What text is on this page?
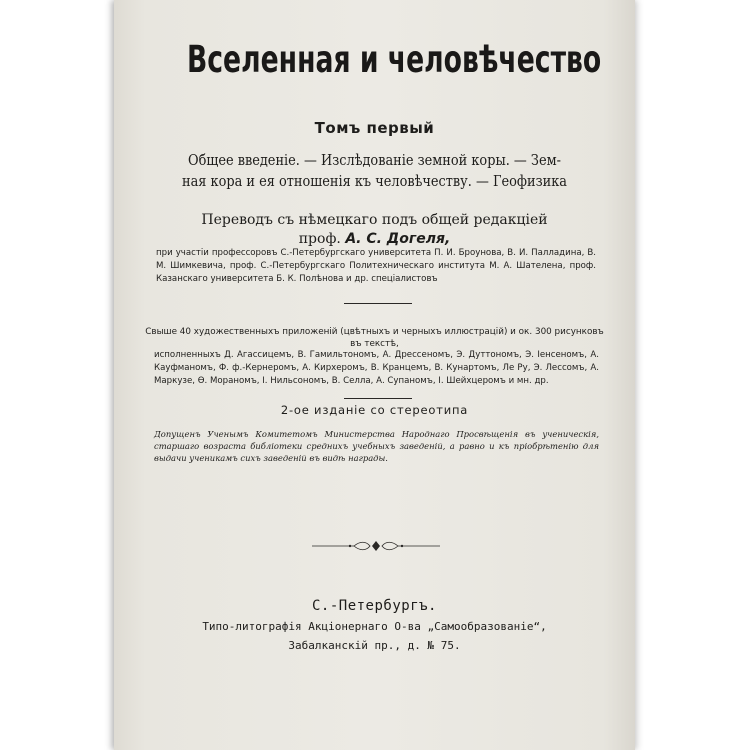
Вселенная и человѣчество
Томъ первый
Общее введеніе. — Изслѣдованіе земной коры. — Зем-
ная кора и ея отношенія къ человѣчеству. — Геофизика
Переводъ съ нѣмецкаго подъ общей редакціей
проф. А. С. Догеля,
при участіи профессоровъ С.-Петербургскаго университета П. И. Броунова, В. И. Палладина, В. М. Шимкевича, проф. С.-Петербургскаго Политехническаго института М. А. Шателена, проф. Казанскаго университета Б. К. Полѣнова и др. спеціалистовъ
Свыше 40 художественныхъ приложеній (цвѣтныхъ и черныхъ иллюстрацій) и ок. 300 рисунковъ
въ текстѣ,
исполненныхъ Д. Агассицемъ, В. Гамильтономъ, А. Дрессеномъ, Э. Дуттономъ, Э. Іенсеномъ, А. Кауфманомъ, Ф. ф.-Кернеромъ, А. Кирхеромъ, В. Кранцемъ, В. Кунартомъ, Ле Ру, Э. Лессомъ, А. Маркузе, Ѳ. Мораномъ, І. Нильсономъ, В. Селла, А. Супаномъ, І. Шейхцеромъ и мн. др.
2-ое изданіе со стереотипа
Допущенъ Ученымъ Комитетомъ Министерства Народнаго Просвѣщенія въ ученическія, старшаго возраста библіотеки среднихъ учебныхъ заведеній, а равно и къ пріобрѣтенію для выдачи ученикамъ сихъ заведеній въ видѣ награды.
С.-Петербургъ.
Типо-литографія Акціонернаго О-ва „Самообразованіе“,
Забалканскій пр., д. № 75.
